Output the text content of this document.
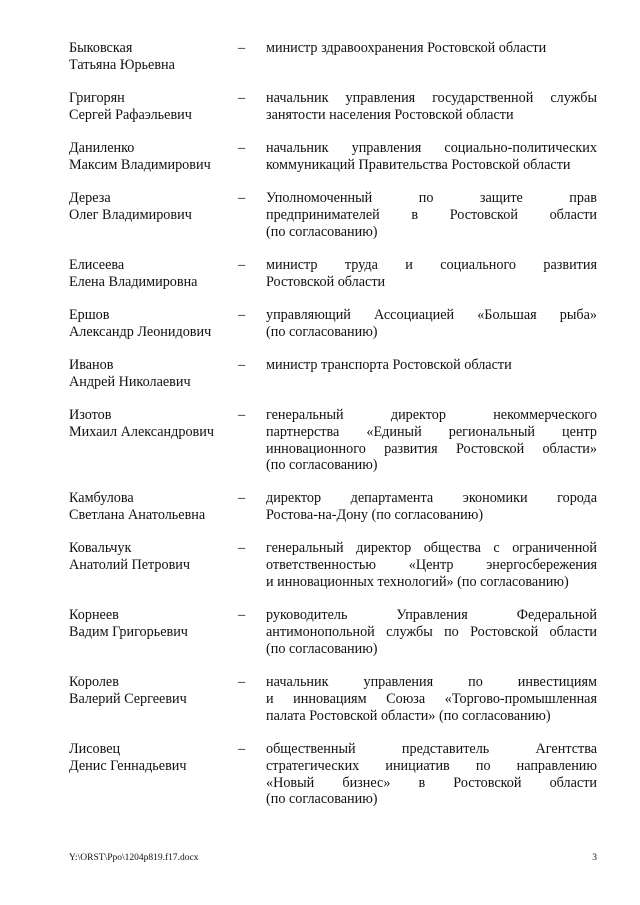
Быковская
Татьяна Юрьевна
–	министр здравоохранения Ростовской области
Григорян
Сергей Рафаэльевич
–	начальник управления государственной службы
занятости населения Ростовской области
Даниленко
Максим Владимирович
–	начальник управления социально-политических
коммуникаций Правительства Ростовской области
Дереза
Олег Владимирович
–	Уполномоченный по защите прав
предпринимателей в Ростовской области
(по согласованию)
Елисеева
Елена Владимировна
–	министр труда и социального развития
Ростовской области
Ершов
Александр Леонидович
–	управляющий Ассоциацией «Большая рыба»
(по согласованию)
Иванов
Андрей Николаевич
–	министр транспорта Ростовской области
Изотов
Михаил Александрович
–	генеральный директор некоммерческого
партнерства «Единый региональный центр
инновационного развития Ростовской области»
(по согласованию)
Камбулова
Светлана Анатольевна
–	директор департамента экономики города
Ростова-на-Дону (по согласованию)
Ковальчук
Анатолий Петрович
–	генеральный директор общества с ограниченной
ответственностью «Центр энергосбережения
и инновационных технологий» (по согласованию)
Корнеев
Вадим Григорьевич
–	руководитель Управления Федеральной
антимонопольной службы по Ростовской области
(по согласованию)
Королев
Валерий Сергеевич
–	начальник управления по инвестициям
и инновациям Союза «Торгово-промышленная
палата Ростовской области» (по согласованию)
Лисовец
Денис Геннадьевич
–	общественный представитель Агентства
стратегических инициатив по направлению
«Новый бизнес» в Ростовской области
(по согласованию)
Y:\ORST\Ppo\1204p819.f17.docx	3
